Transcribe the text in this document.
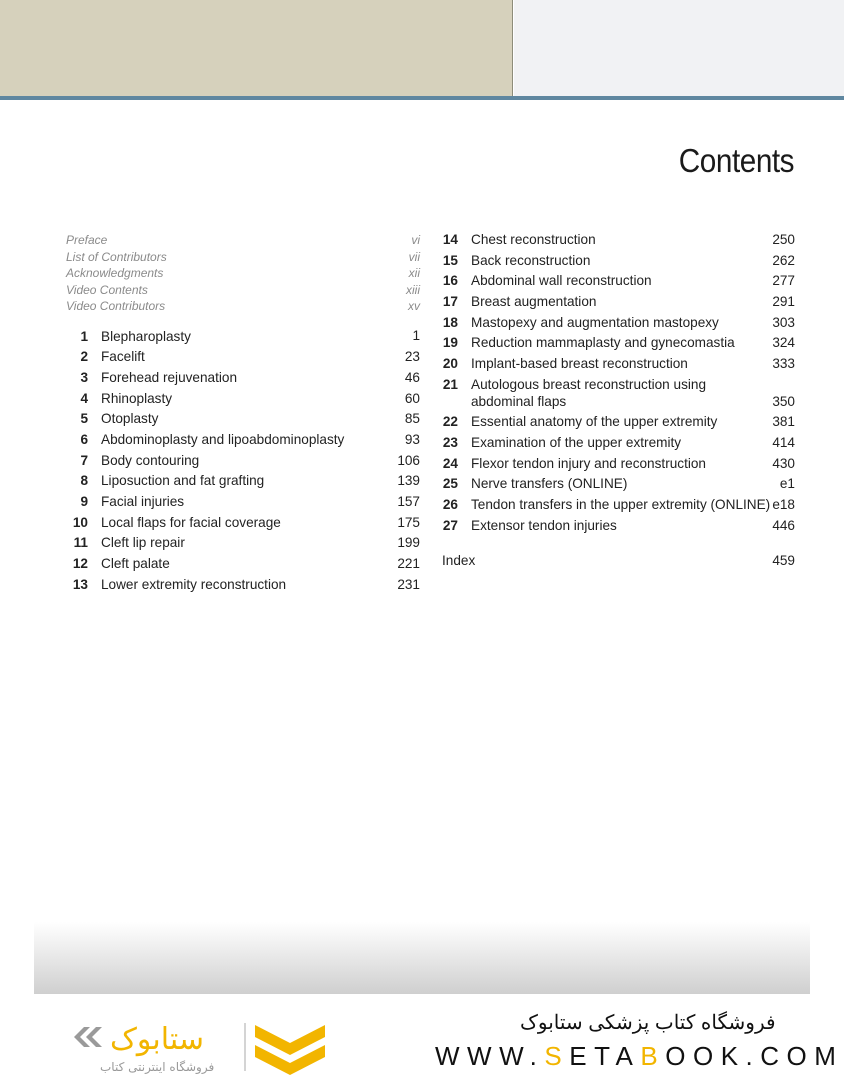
Contents
Preface	vi
List of Contributors	vii
Acknowledgments	xii
Video Contents	xiii
Video Contributors	xv
1 Blepharoplasty	1
2 Facelift	23
3 Forehead rejuvenation	46
4 Rhinoplasty	60
5 Otoplasty	85
6 Abdominoplasty and lipoabdominoplasty	93
7 Body contouring	106
8 Liposuction and fat grafting	139
9 Facial injuries	157
10 Local flaps for facial coverage	175
11 Cleft lip repair	199
12 Cleft palate	221
13 Lower extremity reconstruction	231
14 Chest reconstruction	250
15 Back reconstruction	262
16 Abdominal wall reconstruction	277
17 Breast augmentation	291
18 Mastopexy and augmentation mastopexy	303
19 Reduction mammaplasty and gynecomastia	324
20 Implant-based breast reconstruction	333
21 Autologous breast reconstruction using abdominal flaps	350
22 Essential anatomy of the upper extremity	381
23 Examination of the upper extremity	414
24 Flexor tendon injury and reconstruction	430
25 Nerve transfers (ONLINE)	e1
26 Tendon transfers in the upper extremity (ONLINE) e18
27 Extensor tendon injuries	446
Index	459
ستابوک
فروشگاه اینترنتی کتاب
فروشگاه کتاب پزشکی ستابوک
WWW.SETABOOK.COM
